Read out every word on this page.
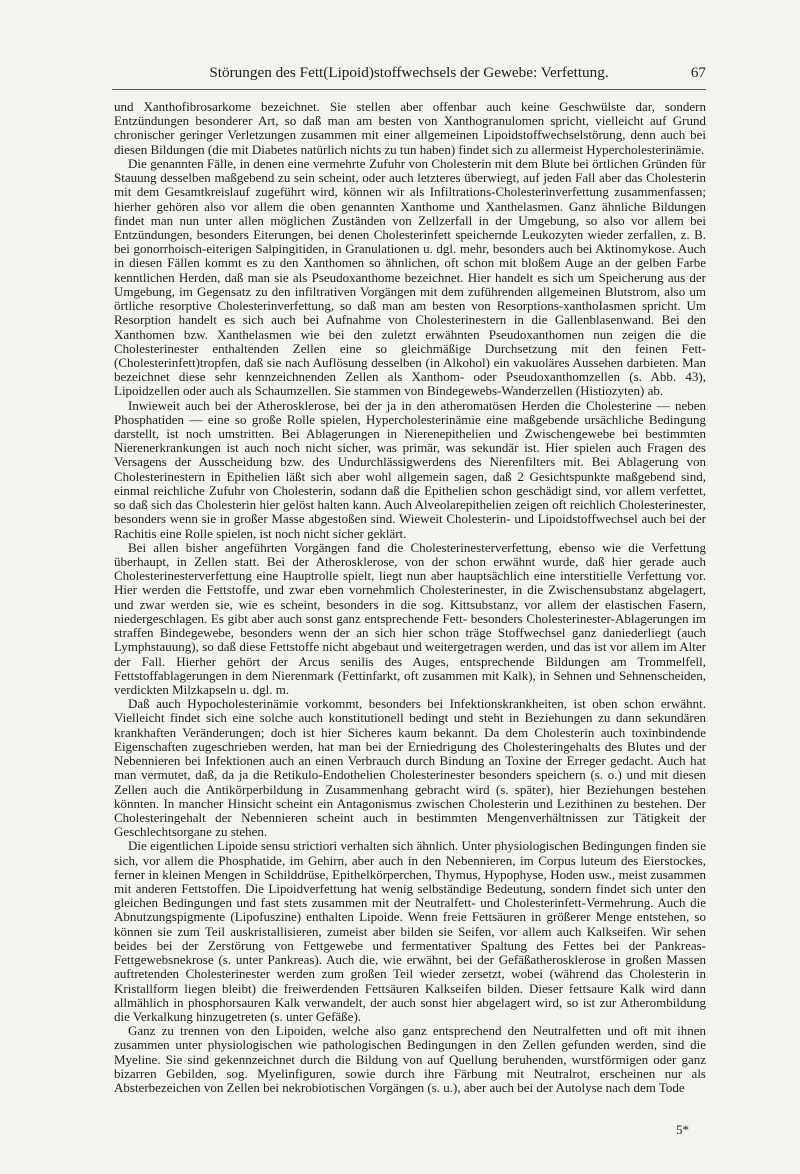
Störungen des Fett(Lipoid)stoffwechsels der Gewebe: Verfettung.	67

und Xanthofibrosarkome bezeichnet. Sie stellen aber offenbar auch keine Geschwülste dar, sondern Entzündungen besonderer Art, so daß man am besten von Xanthogranulomen spricht, vielleicht auf Grund chronischer geringer Verletzungen zusammen mit einer allgemeinen Lipoidstoffwechselstörung, denn auch bei diesen Bildungen (die mit Diabetes natürlich nichts zu tun haben) findet sich zu allermeist Hypercholesterinämie.

Die genannten Fälle, in denen eine vermehrte Zufuhr von Cholesterin mit dem Blute bei örtlichen Gründen für Stauung desselben maßgebend zu sein scheint, oder auch letzteres überwiegt, auf jeden Fall aber das Cholesterin mit dem Gesamtkreislauf zugeführt wird, können wir als Infiltrations-Cholesterinverfettung zusammenfassen; hierher gehören also vor allem die oben genannten Xanthome und Xanthelasmen. Ganz ähnliche Bildungen findet man nun unter allen möglichen Zuständen von Zellzerfall in der Umgebung, so also vor allem bei Entzündungen, besonders Eiterungen, bei denen Cholesterinfett speichernde Leukozyten wieder zerfallen, z. B. bei gonorrhoisch-eiterigen Salpingitiden, in Granulationen u. dgl. mehr, besonders auch bei Aktinomykose. Auch in diesen Fällen kommt es zu den Xanthomen so ähnlichen, oft schon mit bloßem Auge an der gelben Farbe kenntlichen Herden, daß man sie als Pseudoxanthome bezeichnet. Hier handelt es sich um Speicherung aus der Umgebung, im Gegensatz zu den infiltrativen Vorgängen mit dem zuführenden allgemeinen Blutstrom, also um örtliche resorptive Cholesterinverfettung, so daß man am besten von Resorptions-xanthoIasmen spricht. Um Resorption handelt es sich auch bei Aufnahme von Cholesterinestern in die Gallenblasenwand. Bei den Xanthomen bzw. Xanthelasmen wie bei den zuletzt erwähnten Pseudoxanthomen nun zeigen die die Cholesterinester enthaltenden Zellen eine so gleichmäßige Durchsetzung mit den feinen Fett-(Cholesterinfett)tropfen, daß sie nach Auflösung desselben (in Alkohol) ein vakuoläres Aussehen darbieten. Man bezeichnet diese sehr kennzeichnenden Zellen als Xanthom- oder Pseudoxanthomzellen (s. Abb. 43), Lipoidzellen oder auch als Schaumzellen. Sie stammen von Bindegewebs-Wanderzellen (Histiozyten) ab.

Inwieweit auch bei der Atherosklerose, bei der ja in den atheromatösen Herden die Cholesterine — neben Phosphatiden — eine so große Rolle spielen, Hypercholesterinämie eine maßgebende ursächliche Bedingung darstellt, ist noch umstritten. Bei Ablagerungen in Nierenepithelien und Zwischengewebe bei bestimmten Nierenerkrankungen ist auch noch nicht sicher, was primär, was sekundär ist. Hier spielen auch Fragen des Versagens der Ausscheidung bzw. des Undurchlässigwerdens des Nierenfilters mit. Bei Ablagerung von Cholesterinestern in Epithelien läßt sich aber wohl allgemein sagen, daß 2 Gesichtspunkte maßgebend sind, einmal reichliche Zufuhr von Cholesterin, sodann daß die Epithelien schon geschädigt sind, vor allem verfettet, so daß sich das Cholesterin hier gelöst halten kann. Auch Alveolarepithelien zeigen oft reichlich Cholesterinester, besonders wenn sie in großer Masse abgestoßen sind. Wieweit Cholesterin- und Lipoidstoffwechsel auch bei der Rachitis eine Rolle spielen, ist noch nicht sicher geklärt.

Bei allen bisher angeführten Vorgängen fand die Cholesterinesterverfettung, ebenso wie die Verfettung überhaupt, in Zellen statt. Bei der Atherosklerose, von der schon erwähnt wurde, daß hier gerade auch Cholesterinesterverfettung eine Hauptrolle spielt, liegt nun aber hauptsächlich eine interstitielle Verfettung vor. Hier werden die Fettstoffe, und zwar eben vornehmlich Cholesterinester, in die Zwischensubstanz abgelagert, und zwar werden sie, wie es scheint, besonders in die sog. Kittsubstanz, vor allem der elastischen Fasern, niedergeschlagen. Es gibt aber auch sonst ganz entsprechende Fett- besonders Cholesterinester-Ablagerungen im straffen Bindegewebe, besonders wenn der an sich hier schon träge Stoffwechsel ganz daniederliegt (auch Lymphstauung), so daß diese Fettstoffe nicht abgebaut und weitergetragen werden, und das ist vor allem im Alter der Fall. Hierher gehört der Arcus senilis des Auges, entsprechende Bildungen am Trommelfell, Fettstoffablagerungen in dem Nierenmark (Fettinfarkt, oft zusammen mit Kalk), in Sehnen und Sehnenscheiden, verdickten Milzkapseln u. dgl. m.

Daß auch Hypocholesterinämie vorkommt, besonders bei Infektionskrankheiten, ist oben schon erwähnt. Vielleicht findet sich eine solche auch konstitutionell bedingt und steht in Beziehungen zu dann sekundären krankhaften Veränderungen; doch ist hier Sicheres kaum bekannt. Da dem Cholesterin auch toxinbindende Eigenschaften zugeschrieben werden, hat man bei der Erniedrigung des Cholesteringehalts des Blutes und der Nebennieren bei Infektionen auch an einen Verbrauch durch Bindung an Toxine der Erreger gedacht. Auch hat man vermutet, daß, da ja die Retikulo-Endothelien Cholesterinester besonders speichern (s. o.) und mit diesen Zellen auch die Antikörperbildung in Zusammenhang gebracht wird (s. später), hier Beziehungen bestehen könnten. In mancher Hinsicht scheint ein Antagonismus zwischen Cholesterin und Lezithinen zu bestehen. Der Cholesteringehalt der Nebennieren scheint auch in bestimmten Mengenverhältnissen zur Tätigkeit der Geschlechtsorgane zu stehen.

Die eigentlichen Lipoide sensu strictiori verhalten sich ähnlich. Unter physiologischen Bedingungen finden sie sich, vor allem die Phosphatide, im Gehirn, aber auch in den Nebennieren, im Corpus luteum des Eierstockes, ferner in kleinen Mengen in Schilddrüse, Epithelkörperchen, Thymus, Hypophyse, Hoden usw., meist zusammen mit anderen Fettstoffen. Die Lipoidverfettung hat wenig selbständige Bedeutung, sondern findet sich unter den gleichen Bedingungen und fast stets zusammen mit der Neutralfett- und Cholesterinfett-Vermehrung. Auch die Abnutzungspigmente (Lipofuszine) enthalten Lipoide. Wenn freie Fettsäuren in größerer Menge entstehen, so können sie zum Teil auskristallisieren, zumeist aber bilden sie Seifen, vor allem auch Kalkseifen. Wir sehen beides bei der Zerstörung von Fettgewebe und fermentativer Spaltung des Fettes bei der Pankreas-Fettgewebsnekrose (s. unter Pankreas). Auch die, wie erwähnt, bei der Gefäßatherosklerose in großen Massen auftretenden Cholesterinester werden zum großen Teil wieder zersetzt, wobei (während das Cholesterin in Kristallform liegen bleibt) die freiwerdenden Fettsäuren Kalkseifen bilden. Dieser fettsaure Kalk wird dann allmählich in phosphorsauren Kalk verwandelt, der auch sonst hier abgelagert wird, so ist zur Atherombildung die Verkalkung hinzugetreten (s. unter Gefäße).

Ganz zu trennen von den Lipoiden, welche also ganz entsprechend den Neutralfetten und oft mit ihnen zusammen unter physiologischen wie pathologischen Bedingungen in den Zellen gefunden werden, sind die Myeline. Sie sind gekennzeichnet durch die Bildung von auf Quellung beruhenden, wurstförmigen oder ganz bizarren Gebilden, sog. Myelinfiguren, sowie durch ihre Färbung mit Neutralrot, erscheinen nur als Absterbezeichen von Zellen bei nekrobiotischen Vorgängen (s. u.), aber auch bei der Autolyse nach dem Tode

5*
